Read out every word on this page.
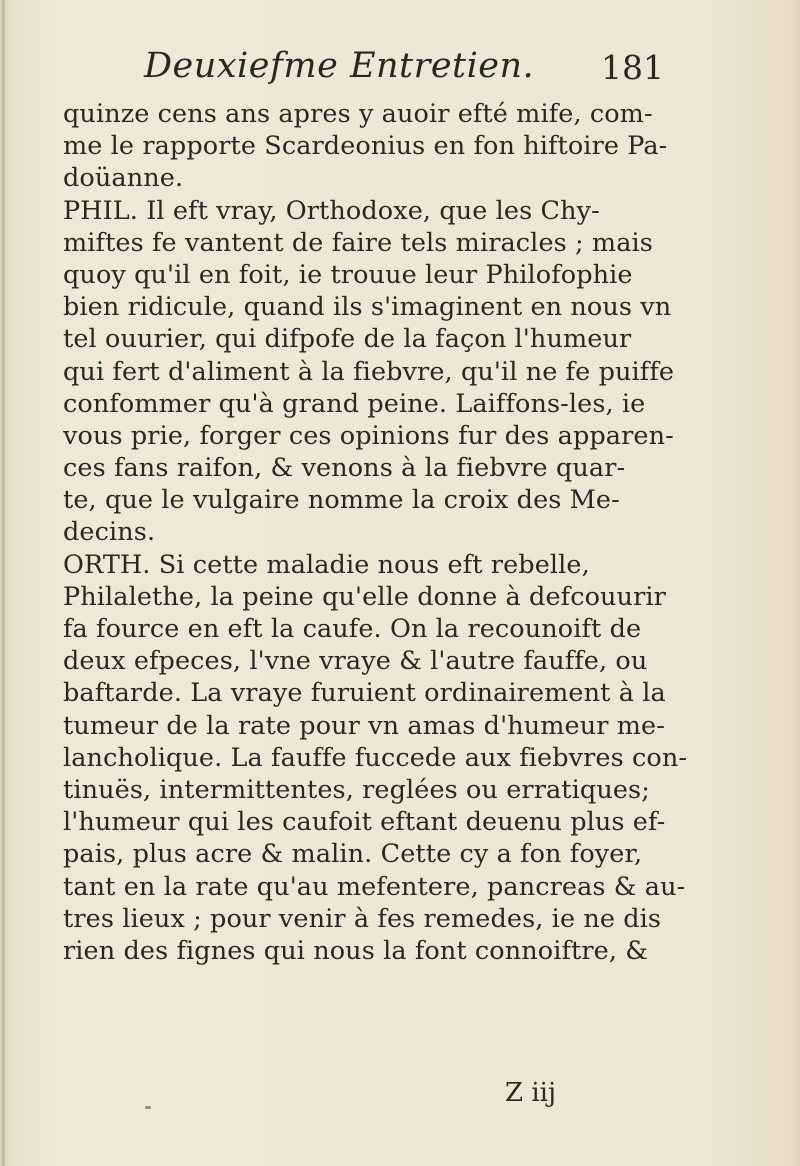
Deuxiefme Entretien. 181
quinze cens ans apres y auoir efté mife, com-
me le rapporte Scardeonius en fon hiftoire Pa-
doüanne.
PHIL. Il eft vray, Orthodoxe, que les Chy-
miftes fe vantent de faire tels miracles ; mais
quoy qu'il en foit, ie trouue leur Philofophie
bien ridicule, quand ils s'imaginent en nous vn
tel ouurier, qui difpofe de la façon l'humeur
qui fert d'aliment à la fiebvre, qu'il ne fe puiffe
confommer qu'à grand peine. Laiffons-les, ie
vous prie, forger ces opinions fur des apparen-
ces fans raifon, & venons à la fiebvre quar-
te, que le vulgaire nomme la croix des Me-
decins.
ORTH. Si cette maladie nous eft rebelle,
Philalethe, la peine qu'elle donne à defcouurir
fa fource en eft la caufe. On la recounoift de
deux efpeces, l'vne vraye & l'autre fauffe, ou
baftarde. La vraye furuient ordinairement à la
tumeur de la rate pour vn amas d'humeur me-
lancholique. La fauffe fuccede aux fiebvres con-
tinuës, intermittentes, reglées ou erratiques;
l'humeur qui les caufoit eftant deuenu plus ef-
pais, plus acre & malin. Cette cy a fon foyer,
tant en la rate qu'au mefentere, pancreas & au-
tres lieux ; pour venir à fes remedes, ie ne dis
rien des fignes qui nous la font connoiftre, &
Z iij
